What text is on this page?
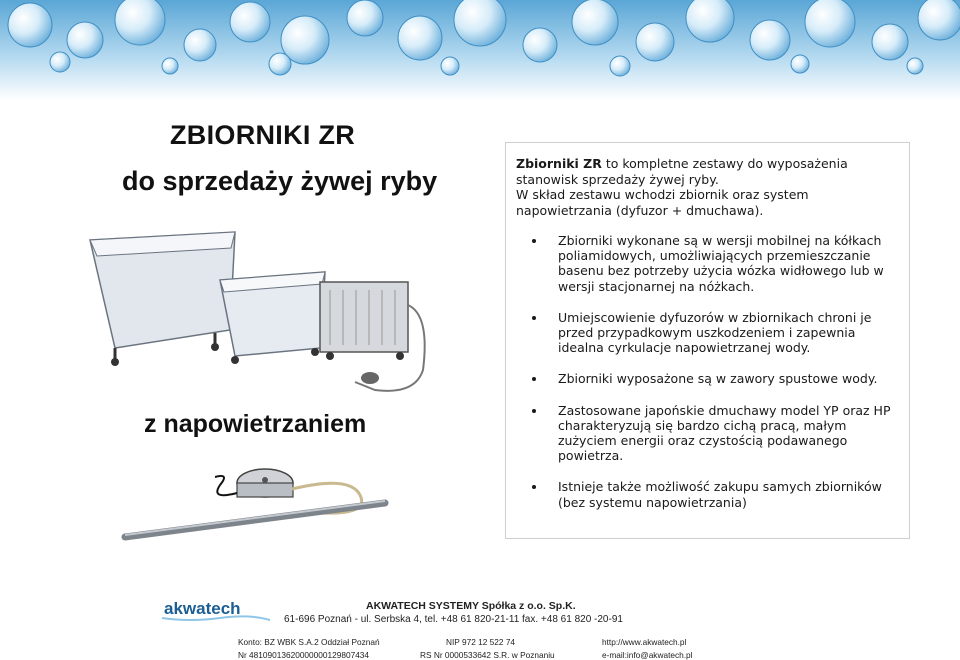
ZBIORNIKI ZR
do sprzedaży żywej ryby
z napowietrzaniem
Zbiorniki ZR to kompletne zestawy do wyposażenia stanowisk sprzedaży żywej ryby.
W skład zestawu wchodzi zbiornik oraz system
napowietrzania (dyfuzor + dmuchawa).
Zbiorniki wykonane są w wersji mobilnej na kółkach poliamidowych, umożliwiających przemieszczanie basenu bez potrzeby użycia wózka widłowego lub w wersji stacjonarnej na nóżkach.
Umiejscowienie dyfuzorów w zbiornikach chroni je przed przypadkowym uszkodzeniem i zapewnia idealna cyrkulacje napowietrzanej wody.
Zbiorniki wyposażone są w zawory spustowe wody.
Zastosowane japońskie dmuchawy model YP oraz HP charakteryzują się bardzo cichą pracą, małym zużyciem energii oraz czystością podawanego powietrza.
Istnieje także możliwość zakupu samych zbiorników (bez systemu napowietrzania)
akwatech	AKWATECH SYSTEMY Spółka z o.o. Sp.K.
61-696 Poznań - ul. Serbska 4, tel. +48 61 820-21-11 fax. +48 61 820 -20-91
Konto: BZ WBK S.A.2 Oddział Poznań
Nr 48109013620000000129807434
NIP 972 12 522 74
RS Nr 0000533642 S.R. w Poznaniu
http://www.akwatech.pl
e-mail:info@akwatech.pl
